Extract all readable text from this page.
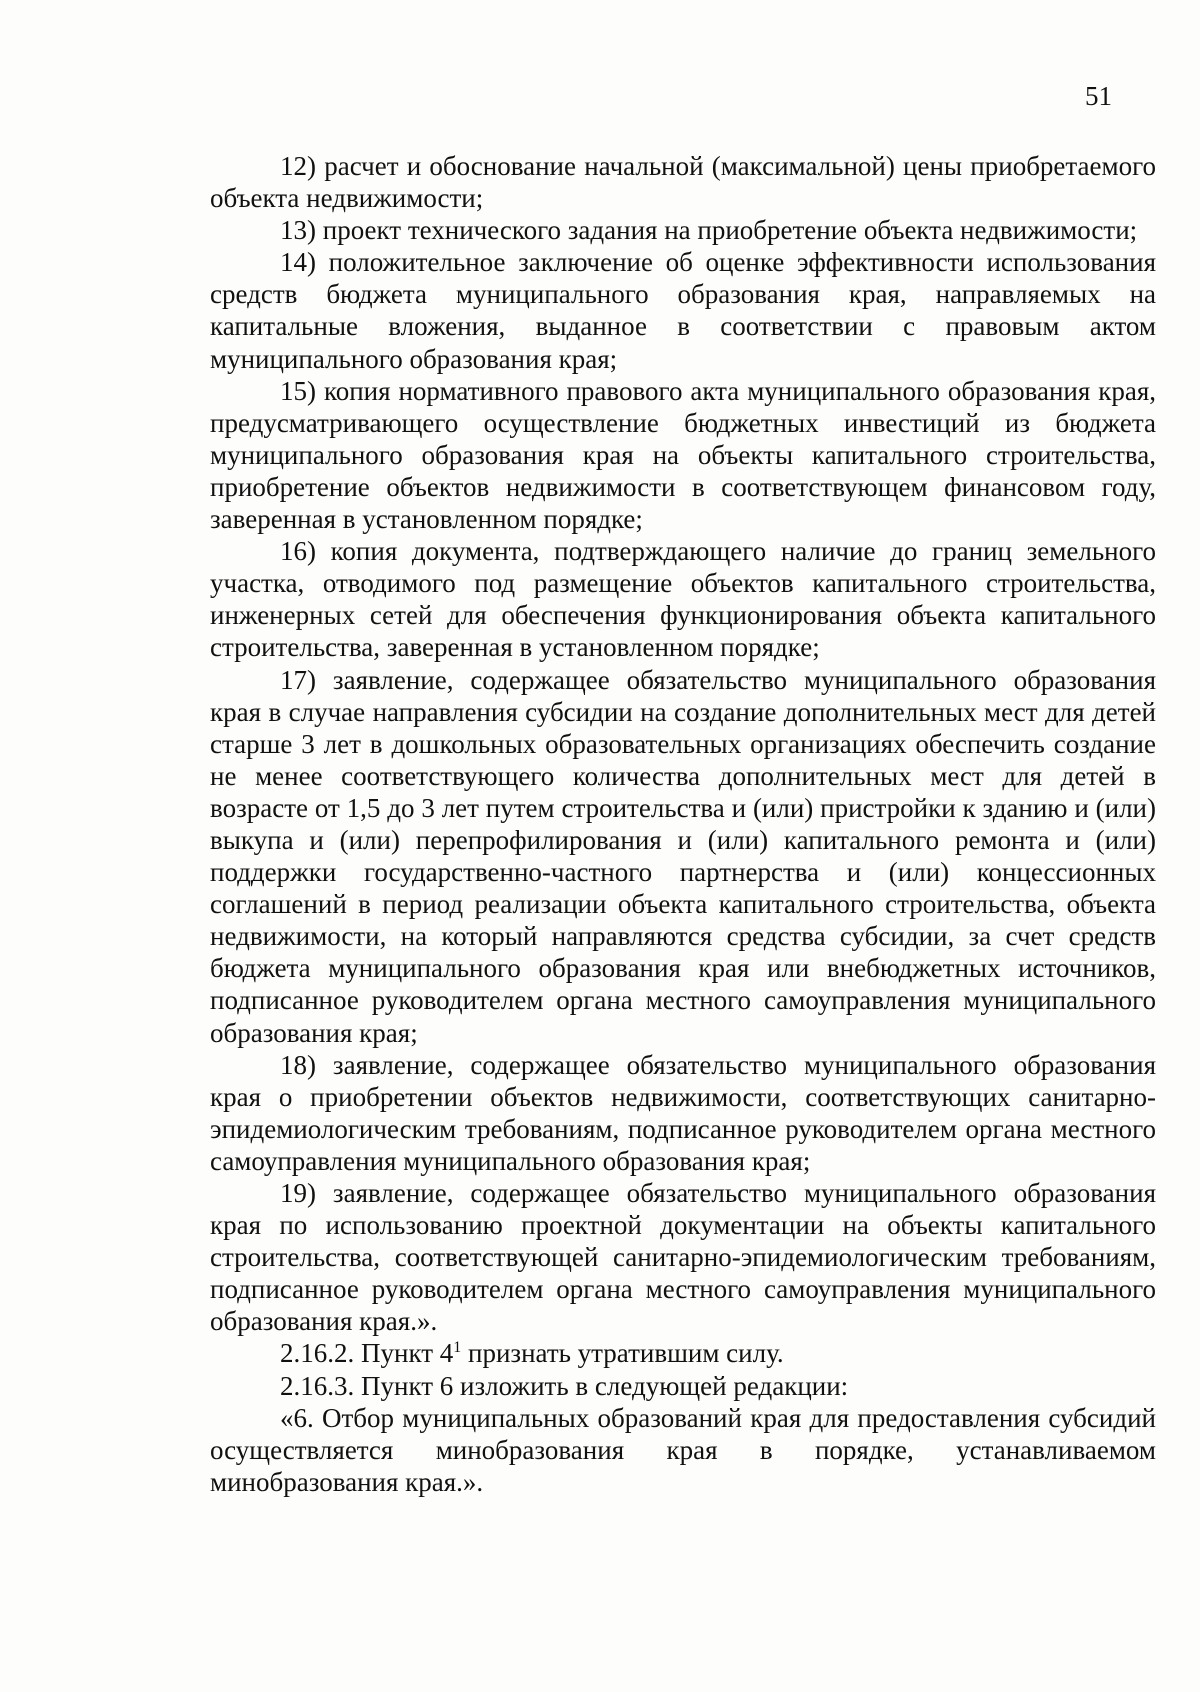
51

12) расчет и обоснование начальной (максимальной) цены приобретаемого объекта недвижимости;

13) проект технического задания на приобретение объекта недвижимости;

14) положительное заключение об оценке эффективности использования средств бюджета муниципального образования края, направляемых на капитальные вложения, выданное в соответствии с правовым актом муниципального образования края;

15) копия нормативного правового акта муниципального образования края, предусматривающего осуществление бюджетных инвестиций из бюджета муниципального образования края на объекты капитального строительства, приобретение объектов недвижимости в соответствующем финансовом году, заверенная в установленном порядке;

16) копия документа, подтверждающего наличие до границ земельного участка, отводимого под размещение объектов капитального строительства, инженерных сетей для обеспечения функционирования объекта капитального строительства, заверенная в установленном порядке;

17) заявление, содержащее обязательство муниципального образования края в случае направления субсидии на создание дополнительных мест для детей старше 3 лет в дошкольных образовательных организациях обеспечить создание не менее соответствующего количества дополнительных мест для детей в возрасте от 1,5 до 3 лет путем строительства и (или) пристройки к зданию и (или) выкупа и (или) перепрофилирования и (или) капитального ремонта и (или) поддержки государственно-частного партнерства и (или) концессионных соглашений в период реализации объекта капитального строительства, объекта недвижимости, на который направляются средства субсидии, за счет средств бюджета муниципального образования края или внебюджетных источников, подписанное руководителем органа местного самоуправления муниципального образования края;

18) заявление, содержащее обязательство муниципального образования края о приобретении объектов недвижимости, соответствующих санитарно-эпидемиологическим требованиям, подписанное руководителем органа местного самоуправления муниципального образования края;

19) заявление, содержащее обязательство муниципального образования края по использованию проектной документации на объекты капитального строительства, соответствующей санитарно-эпидемиологическим требованиям, подписанное руководителем органа местного самоуправления муниципального образования края.».

2.16.2. Пункт $4^1$ признать утратившим силу.

2.16.3. Пункт 6 изложить в следующей редакции:

«6. Отбор муниципальных образований края для предоставления субсидий осуществляется минобразования края в порядке, устанавливаемом минобразования края.».
